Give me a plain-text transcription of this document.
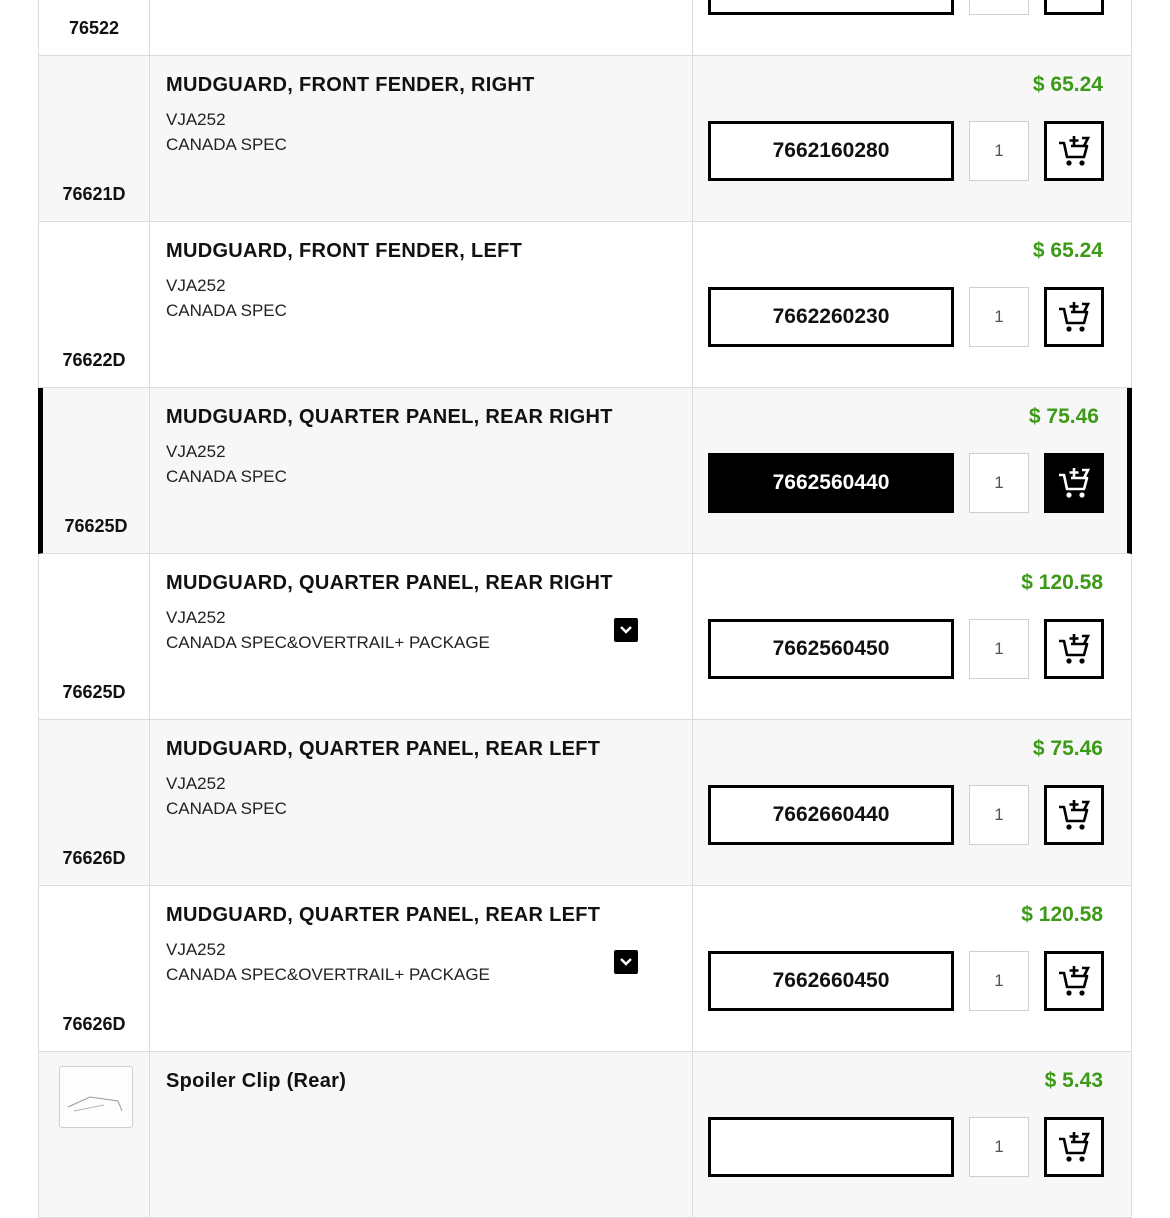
76522
1
76621D
MUDGUARD, FRONT FENDER, RIGHT
VJA252
CANADA SPEC
$ 65.24
7662160280
1
76622D
MUDGUARD, FRONT FENDER, LEFT
VJA252
CANADA SPEC
$ 65.24
7662260230
1
76625D
MUDGUARD, QUARTER PANEL, REAR RIGHT
VJA252
CANADA SPEC
$ 75.46
7662560440
1
76625D
MUDGUARD, QUARTER PANEL, REAR RIGHT
VJA252
CANADA SPEC&OVERTRAIL+ PACKAGE
$ 120.58
7662560450
1
76626D
MUDGUARD, QUARTER PANEL, REAR LEFT
VJA252
CANADA SPEC
$ 75.46
7662660440
1
76626D
MUDGUARD, QUARTER PANEL, REAR LEFT
VJA252
CANADA SPEC&OVERTRAIL+ PACKAGE
$ 120.58
7662660450
1
Spoiler Clip (Rear)	$ 5.43
1
